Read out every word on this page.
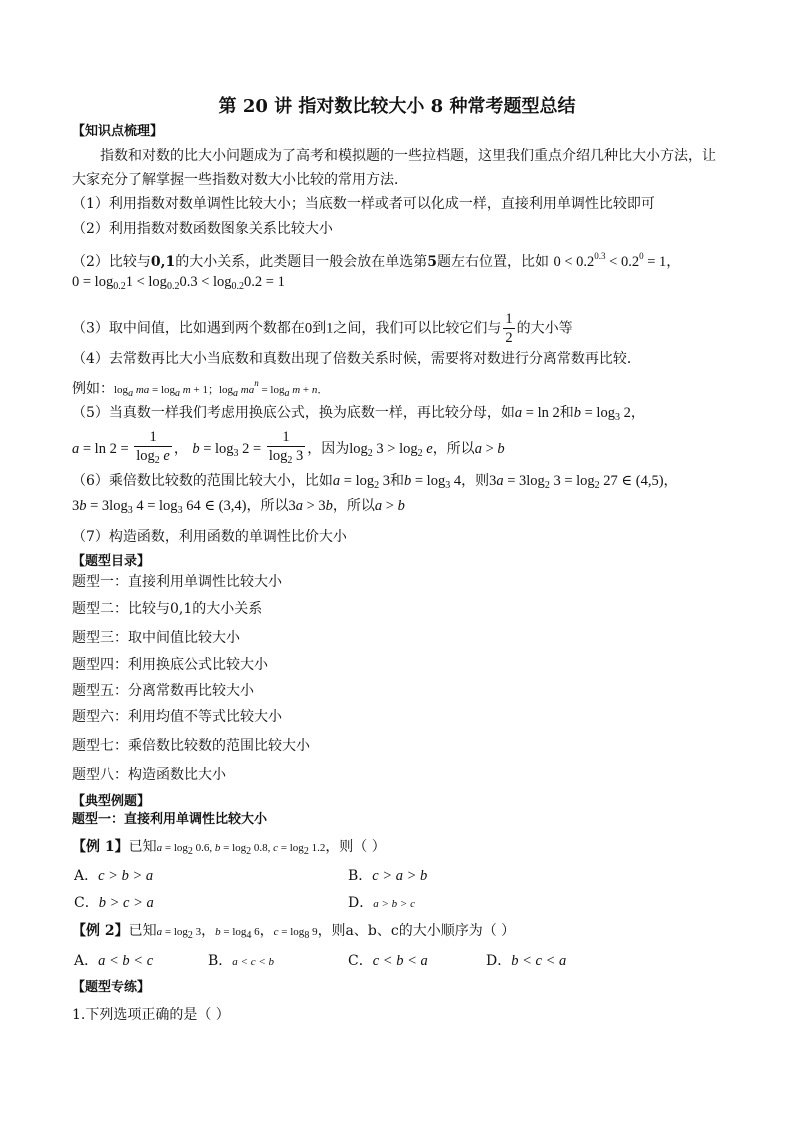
第 20 讲 指对数比较大小 8 种常考题型总结
【知识点梳理】
指数和对数的比大小问题成为了高考和模拟题的一些拉档题，这里我们重点介绍几种比大小方法，让
大家充分了解掌握一些指数对数大小比较的常用方法．
（1）利用指数对数单调性比较大小；当底数一样或者可以化成一样，直接利用单调性比较即可
（2）利用指数对数函数图象关系比较大小
（2）比较与0,1的大小关系，此类题目一般会放在单选第5题左右位置，比如 $0 < 0.2^{0.3} < 0.2^0 = 1$，
$0 = \log_{0.2}1 < \log_{0.2}0.3 < \log_{0.2}0.2 = 1$
（3）取中间值，比如遇到两个数都在0到1之间，我们可以比较它们与 $\frac{1}{2}$ 的大小等
（4）去常数再比大小当底数和真数出现了倍数关系时候，需要将对数进行分离常数再比较．
例如：loga ma = loga m + 1；loga $ma^n = \log a$ m + n．
（5）当真数一样我们考虑用换底公式，换为底数一样，再比较分母，如a = ln 2和$b = \log_3 2$，
$a = \ln 2 = \frac{1}{\log_2 e}$ ， $b = \log_3 2 = \frac{1}{\log_2 3}$ ，因为$\log_2 3 > \log_2 e$，所以a > b
（6）乘倍数比较数的范围比较大小，比如$a = \log_2 3$和$b = \log_3 4$，则$3a = 3\log_2$ $3 = \log_2 27$ ∈ (4,5)，
$3b = 3\log_3$ $4 = \log_3 64$ ∈ (3,4)，所以3a > 3b，所以a > b
（7）构造函数，利用函数的单调性比价大小
【题型目录】
题型一：直接利用单调性比较大小
题型二：比较与0,1的大小关系
题型三：取中间值比较大小
题型四：利用换底公式比较大小
题型五：分离常数再比较大小
题型六：利用均值不等式比较大小
题型七：乘倍数比较数的范围比较大小
题型八：构造函数比大小
【典型例题】
题型一：直接利用单调性比较大小
【例 1】已知a = log2 0.6, b = log2 0.8, c = log2 1.2，则（ ）
A．c > b > a	B．c > a > b
C．b > c > a	D．a > b > c
【例 2】已知a = log2 3，b = log4 6，c = log8 9，则a、b、c的大小顺序为（ ）
A．a < b < c	B．a < c < b	C．c < b < a	D．b < c < a
【题型专练】
1.下列选项正确的是（ ）
